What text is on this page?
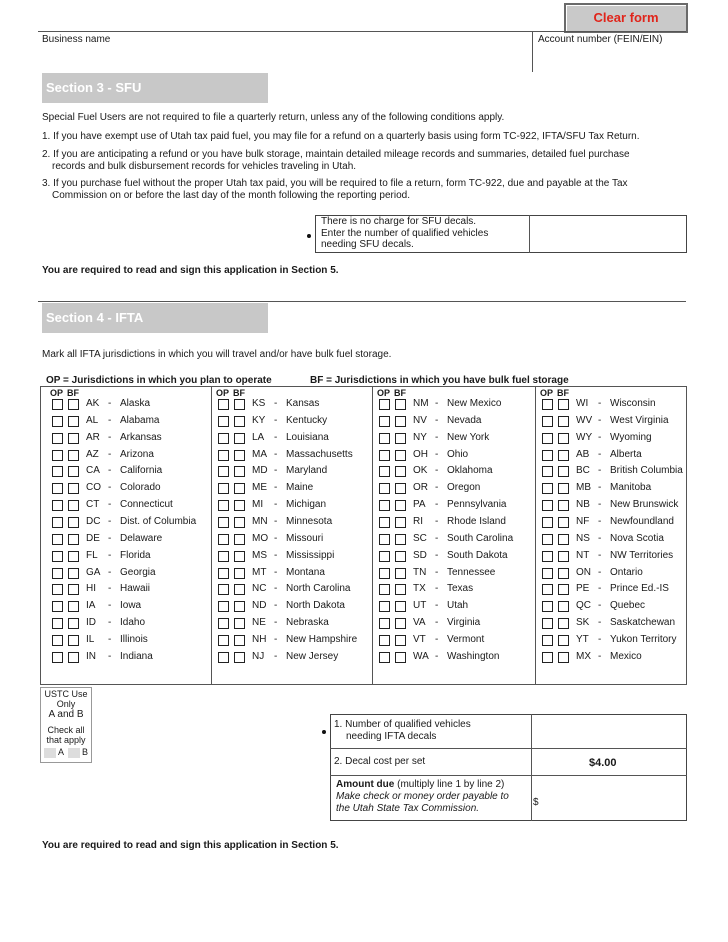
Clear form
Business name	Account number (FEIN/EIN)
Section 3 - SFU
Special Fuel Users are not required to file a quarterly return, unless any of the following conditions apply.
1. If you have exempt use of Utah tax paid fuel, you may file for a refund on a quarterly basis using form TC-922, IFTA/SFU Tax Return.
2. If you are anticipating a refund or you have bulk storage, maintain detailed mileage records and summaries, detailed fuel purchase
records and bulk disbursement records for vehicles traveling in Utah.
3. If you purchase fuel without the proper Utah tax paid, you will be required to file a return, form TC-922, due and payable at the Tax
Commission on or before the last day of the month following the reporting period.
There is no charge for SFU decals.
Enter the number of qualified vehicles
needing SFU decals.
You are required to read and sign this application in Section 5.
Section 4 - IFTA
Mark all IFTA jurisdictions in which you will travel and/or have bulk fuel storage.
OP = Jurisdictions in which you plan to operate	BF = Jurisdictions in which you have bulk fuel storage
OP BF
AK - Alaska
AL - Alabama
AR - Arkansas
AZ - Arizona
CA - California
CO - Colorado
CT - Connecticut
DC - Dist. of Columbia
DE - Delaware
FL - Florida
GA - Georgia
HI - Hawaii
IA - Iowa
ID - Idaho
IL - Illinois
IN - Indiana
OP BF
KS - Kansas
KY - Kentucky
LA - Louisiana
MA - Massachusetts
MD - Maryland
ME - Maine
MI - Michigan
MN - Minnesota
MO - Missouri
MS - Mississippi
MT - Montana
NC - North Carolina
ND - North Dakota
NE - Nebraska
NH - New Hampshire
NJ - New Jersey
OP BF
NM - New Mexico
NV - Nevada
NY - New York
OH - Ohio
OK - Oklahoma
OR - Oregon
PA - Pennsylvania
RI - Rhode Island
SC - South Carolina
SD - South Dakota
TN - Tennessee
TX - Texas
UT - Utah
VA - Virginia
VT - Vermont
WA - Washington
OP BF
WI - Wisconsin
WV - West Virginia
WY - Wyoming
AB - Alberta
BC - British Columbia
MB - Manitoba
NB - New Brunswick
NF - Newfoundland
NS - Nova Scotia
NT - NW Territories
ON - Ontario
PE - Prince Ed.-IS
QC - Quebec
SK - Saskatchewan
YT - Yukon Territory
MX - Mexico
USTC Use
Only
A and B
Check all
that apply
A B
1. Number of qualified vehicles
needing IFTA decals
2. Decal cost per set	$4.00
Amount due (multiply line 1 by line 2)
Make check or money order payable to
the Utah State Tax Commission.
$
You are required to read and sign this application in Section 5.
